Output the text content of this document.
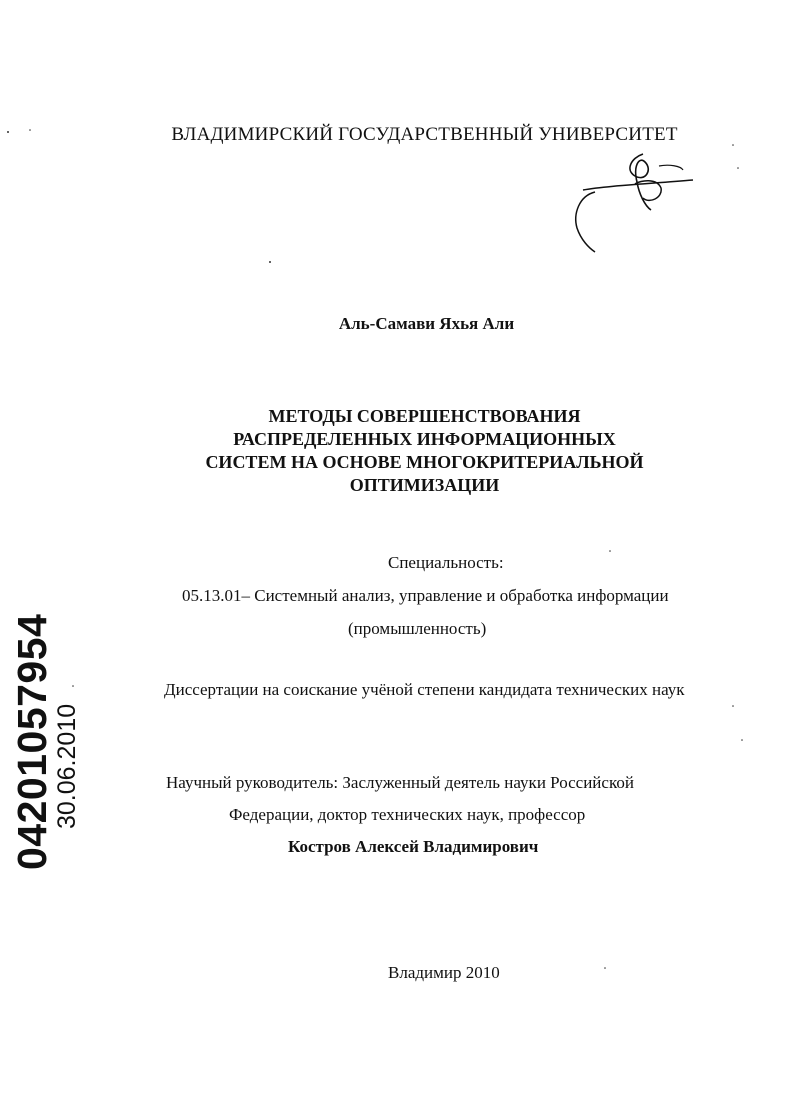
ВЛАДИМИРСКИЙ ГОСУДАРСТВЕННЫЙ УНИВЕРСИТЕТ
Аль-Самави Яхья Али
МЕТОДЫ СОВЕРШЕНСТВОВАНИЯ
РАСПРЕДЕЛЕННЫХ ИНФОРМАЦИОННЫХ
СИСТЕМ НА ОСНОВЕ МНОГОКРИТЕРИАЛЬНОЙ
ОПТИМИЗАЦИИ
Специальность:
05.13.01– Системный анализ, управление и обработка информации
(промышленность)
Диссертации на соискание учёной степени кандидата технических наук
Научный руководитель: Заслуженный деятель науки Российской
Федерации, доктор технических наук, профессор
Костров Алексей Владимирович
Владимир 2010
04201057954
30.06.2010
